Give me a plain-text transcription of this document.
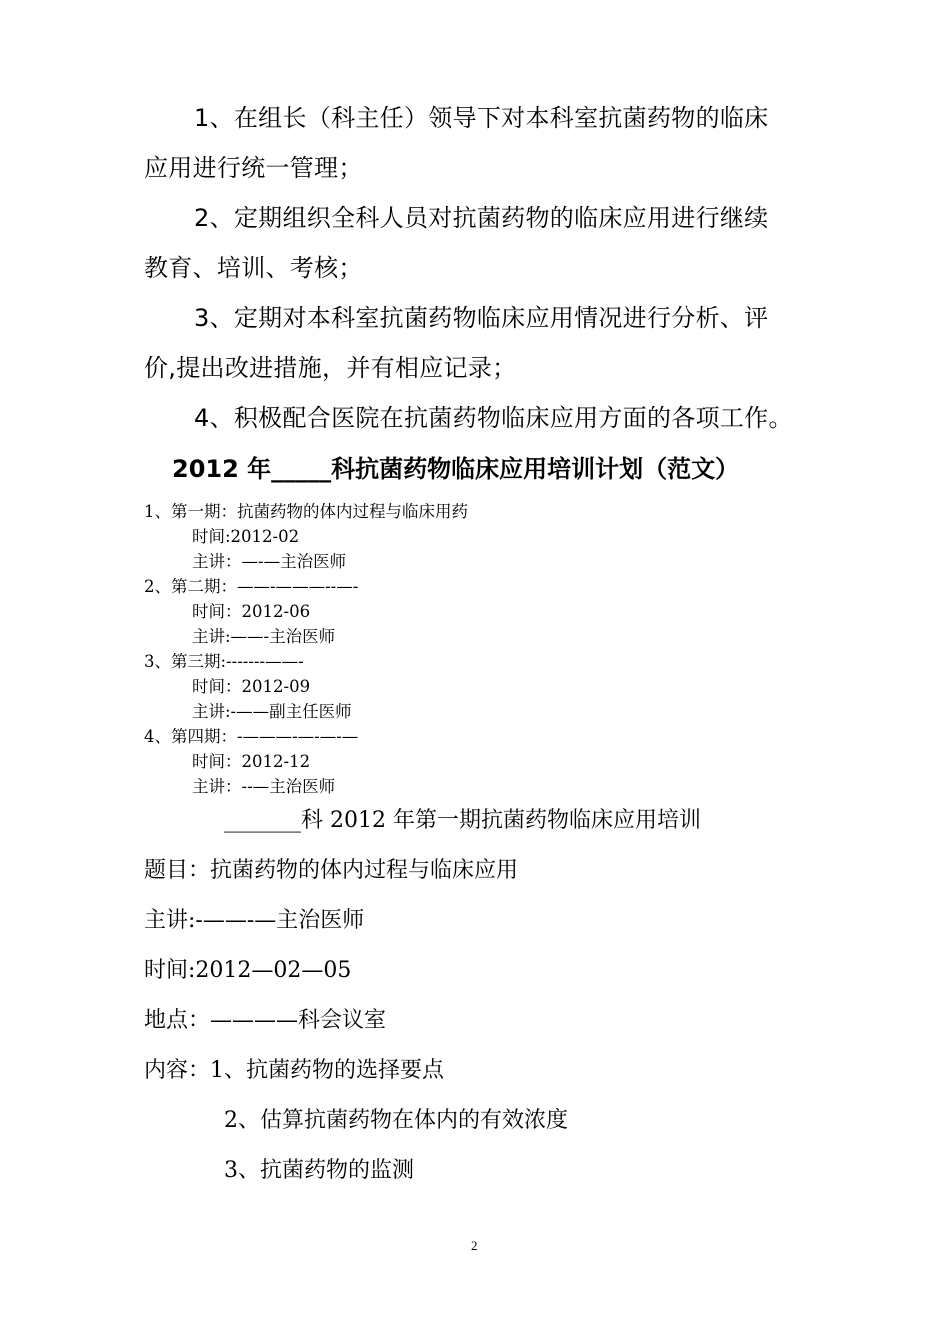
1、在组长（科主任）领导下对本科室抗菌药物的临床
应用进行统一管理；
2、定期组织全科人员对抗菌药物的临床应用进行继续
教育、培训、考核；
3、定期对本科室抗菌药物临床应用情况进行分析、评
价,提出改进措施，并有相应记录；
4、积极配合医院在抗菌药物临床应用方面的各项工作。
2012 年_____科抗菌药物临床应用培训计划（范文）
1、第一期：抗菌药物的体内过程与临床用药
时间:2012-02
主讲：—-—主治医师
2、第二期：——-———--—-
时间：2012-06
主讲:——-主治医师
3、第三期:-------——-
时间：2012-09
主讲:-——副主任医师
4、第四期：-———-—-—-—
时间：2012-12
主讲：--—主治医师
_______科 2012 年第一期抗菌药物临床应用培训
题目：抗菌药物的体内过程与临床应用
主讲:-——-—主治医师
时间:2012—02—05
地点：————科会议室
内容：1、抗菌药物的选择要点
2、估算抗菌药物在体内的有效浓度
3、抗菌药物的监测
2
